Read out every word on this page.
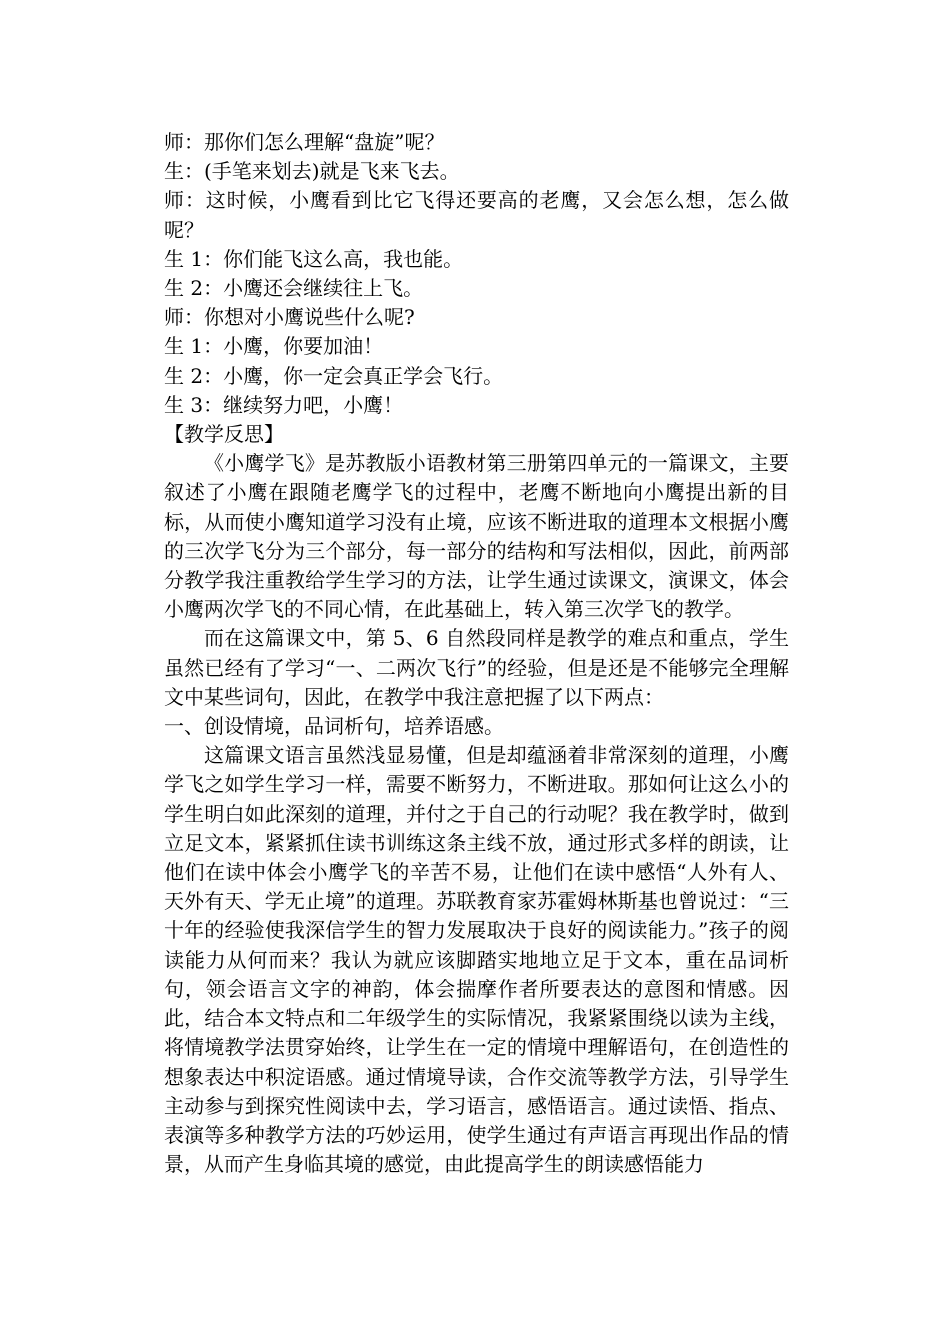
师：那你们怎么理解“盘旋”呢？

生：(手笔来划去)就是飞来飞去。

师：这时候，小鹰看到比它飞得还要高的老鹰，又会怎么想，怎么做呢？

生 1：你们能飞这么高，我也能。

生 2：小鹰还会继续往上飞。

师：你想对小鹰说些什么呢?

生 1：小鹰，你要加油！

生 2：小鹰，你一定会真正学会飞行。

生 3：继续努力吧，小鹰！

【教学反思】

《小鹰学飞》是苏教版小语教材第三册第四单元的一篇课文，主要叙述了小鹰在跟随老鹰学飞的过程中，老鹰不断地向小鹰提出新的目标，从而使小鹰知道学习没有止境，应该不断进取的道理本文根据小鹰的三次学飞分为三个部分，每一部分的结构和写法相似，因此，前两部分教学我注重教给学生学习的方法，让学生通过读课文，演课文，体会小鹰两次学飞的不同心情，在此基础上，转入第三次学飞的教学。

而在这篇课文中，第 5、6 自然段同样是教学的难点和重点，学生虽然已经有了学习“一、二两次飞行”的经验，但是还是不能够完全理解文中某些词句，因此，在教学中我注意把握了以下两点：

一、创设情境，品词析句，培养语感。

这篇课文语言虽然浅显易懂，但是却蕴涵着非常深刻的道理，小鹰学飞之如学生学习一样，需要不断努力，不断进取。那如何让这么小的学生明白如此深刻的道理，并付之于自己的行动呢？我在教学时，做到立足文本，紧紧抓住读书训练这条主线不放，通过形式多样的朗读，让他们在读中体会小鹰学飞的辛苦不易，让他们在读中感悟“人外有人、天外有天、学无止境”的道理。苏联教育家苏霍姆林斯基也曾说过：“三十年的经验使我深信学生的智力发展取决于良好的阅读能力。”孩子的阅读能力从何而来？我认为就应该脚踏实地地立足于文本，重在品词析句，领会语言文字的神韵，体会揣摩作者所要表达的意图和情感。因此，结合本文特点和二年级学生的实际情况，我紧紧围绕以读为主线，将情境教学法贯穿始终，让学生在一定的情境中理解语句，在创造性的想象表达中积淀语感。通过情境导读，合作交流等教学方法，引导学生主动参与到探究性阅读中去，学习语言，感悟语言。通过读悟、指点、表演等多种教学方法的巧妙运用，使学生通过有声语言再现出作品的情景，从而产生身临其境的感觉，由此提高学生的朗读感悟能力
